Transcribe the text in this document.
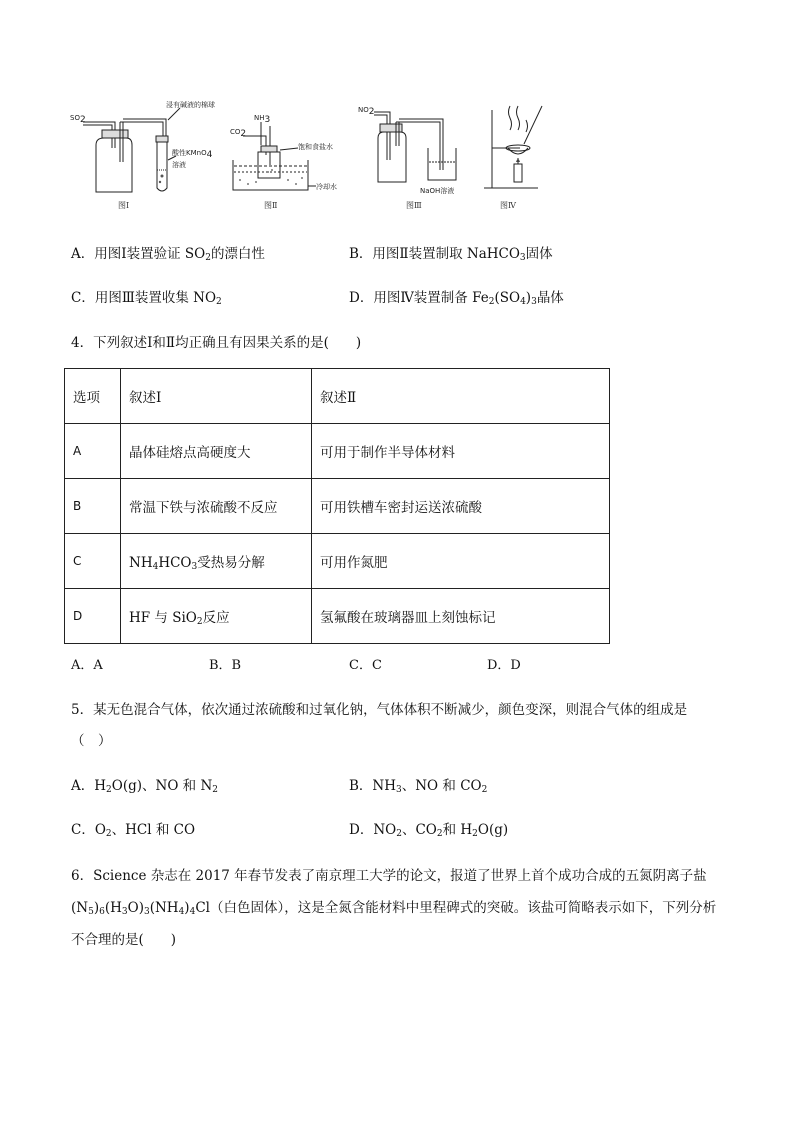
$SO_2$
浸有碱液的棉球
酸性KMnO$_4$
溶液
图Ⅰ
$NH_3$
$CO_2$
饱和食盐水
冷却水
图Ⅱ
$NO_2$
NaOH溶液
图Ⅲ	图Ⅳ
A．用图Ⅰ装置验证 $SO_2$的漂白性	B．用图Ⅱ装置制取 NaHCO$_3$固体
C．用图Ⅲ装置收集 $NO_2$	D．用图Ⅳ装置制备 $Fe_2(SO_4)_3$晶体
4．下列叙述Ⅰ和Ⅱ均正确且有因果关系的是(　　)
选项	叙述Ⅰ	叙述Ⅱ
A	晶体硅熔点高硬度大	可用于制作半导体材料
B	常温下铁与浓硫酸不反应	可用铁槽车密封运送浓硫酸
C	$NH_4HCO_3$受热易分解	可用作氮肥
D	HF 与 SiO$_2$反应	氢氟酸在玻璃器皿上刻蚀标记
A．A	B．B	C．C	D．D
5．某无色混合气体，依次通过浓硫酸和过氧化钠，气体体积不断减少，颜色变深，则混合气体的组成是
（　）
A．$H_2O(g)$、NO 和 $N_2$	B．$NH_3$、NO 和 $CO_2$
C．$O_2$、HCl 和 CO	D．$NO_2$、$CO_2$和 $H_2O(g)$
6．Science 杂志在 2017 年春节发表了南京理工大学的论文，报道了世界上首个成功合成的五氮阴离子盐
$(N_5)_6(H_3O)_3(NH_4)_4Cl$（白色固体），这是全氮含能材料中里程碑式的突破。该盐可简略表示如下，下列分析
不合理的是(　　)
